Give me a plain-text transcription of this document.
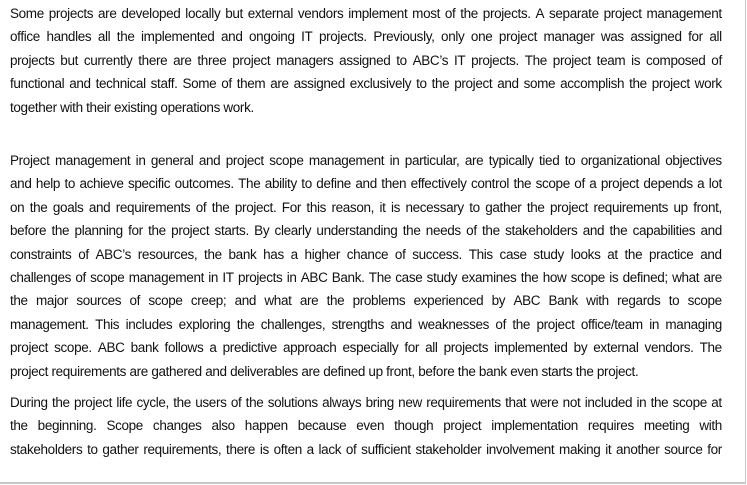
Some projects are developed locally but external vendors implement most of the projects. A separate project management
office handles all the implemented and ongoing IT projects. Previously, only one project manager was assigned for all
projects but currently there are three project managers assigned to ABC’s IT projects. The project team is composed of
functional and technical staff. Some of them are assigned exclusively to the project and some accomplish the project work
together with their existing operations work.
Project management in general and project scope management in particular, are typically tied to organizational objectives
and help to achieve specific outcomes. The ability to define and then effectively control the scope of a project depends a lot
on the goals and requirements of the project. For this reason, it is necessary to gather the project requirements up front,
before the planning for the project starts. By clearly understanding the needs of the stakeholders and the capabilities and
constraints of ABC’s resources, the bank has a higher chance of success. This case study looks at the practice and
challenges of scope management in IT projects in ABC Bank. The case study examines the how scope is defined; what are
the major sources of scope creep; and what are the problems experienced by ABC Bank with regards to scope
management. This includes exploring the challenges, strengths and weaknesses of the project office/team in managing
project scope. ABC bank follows a predictive approach especially for all projects implemented by external vendors. The
project requirements are gathered and deliverables are defined up front, before the bank even starts the project.
During the project life cycle, the users of the solutions always bring new requirements that were not included in the scope at
the beginning. Scope changes also happen because even though project implementation requires meeting with
stakeholders to gather requirements, there is often a lack of sufficient stakeholder involvement making it another source for
